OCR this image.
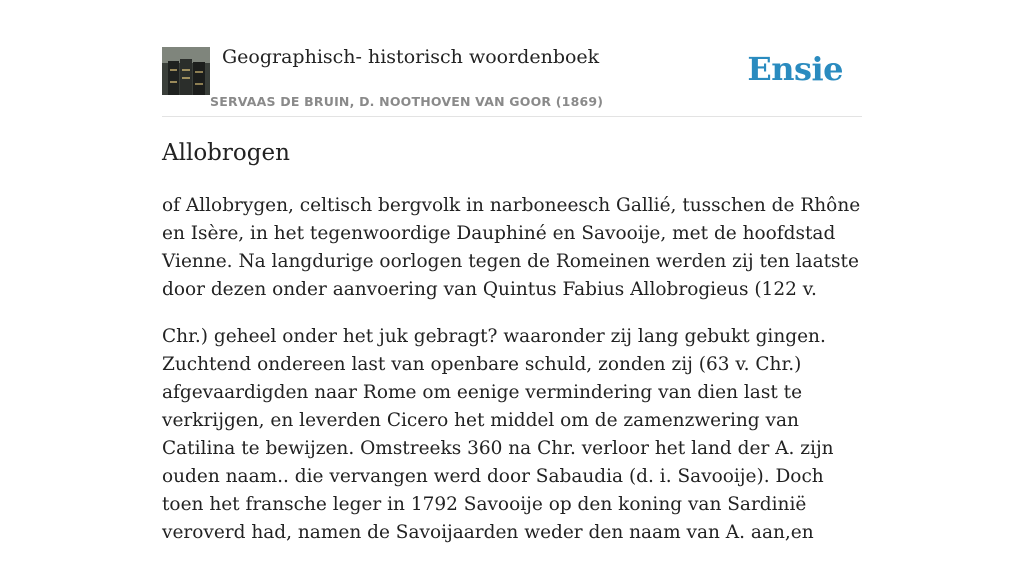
Geographisch- historisch woordenboek
SERVAAS DE BRUIN, D. NOOTHOVEN VAN GOOR (1869)
Ensie
Allobrogen

of Allobrygen, celtisch bergvolk in narboneesch Gallié, tusschen de Rhône en Isère, in het tegenwoordige Dauphiné en Savooije, met de hoofdstad Vienne. Na langdurige oorlogen tegen de Romeinen werden zij ten laatste door dezen onder aanvoering van Quintus Fabius Allobrogieus (122 v.

Chr.) geheel onder het juk gebragt? waaronder zij lang gebukt gingen. Zuchtend ondereen last van openbare schuld, zonden zij (63 v. Chr.) afgevaardigden naar Rome om eenige vermindering van dien last te verkrijgen, en leverden Cicero het middel om de zamenzwering van Catilina te bewijzen. Omstreeks 360 na Chr. verloor het land der A. zijn ouden naam.. die vervangen werd door Sabaudia (d. i. Savooije). Doch toen het fransche leger in 1792 Savooije op den koning van Sardinië veroverd had, namen de Savoijaarden weder den naam van A. aan,en
